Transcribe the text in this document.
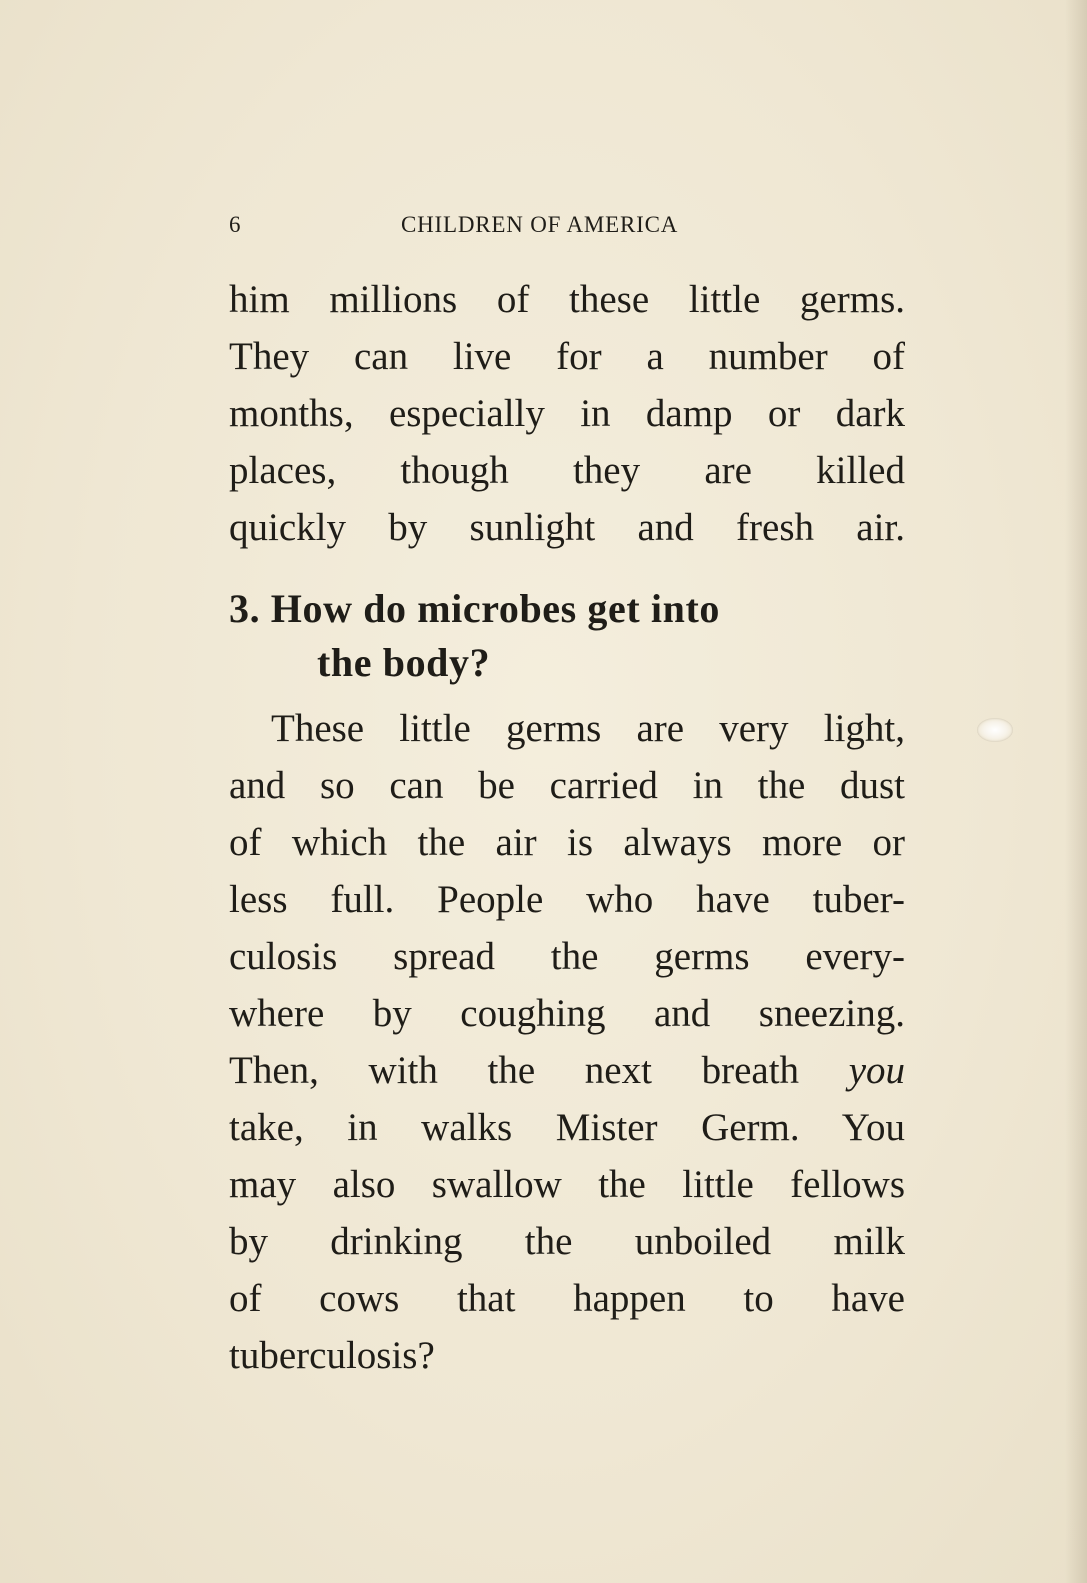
6	CHILDREN OF AMERICA
him millions of these little germs.
They can live for a number of
months, especially in damp or dark
places, though they are killed
quickly by sunlight and fresh air.
3. How do microbes get into
the body?
These little germs are very light,
and so can be carried in the dust
of which the air is always more or
less full. People who have tuber-
culosis spread the germs every-
where by coughing and sneezing.
Then, with the next breath you
take, in walks Mister Germ. You
may also swallow the little fellows
by drinking the unboiled milk
of cows that happen to have
tuberculosis?
